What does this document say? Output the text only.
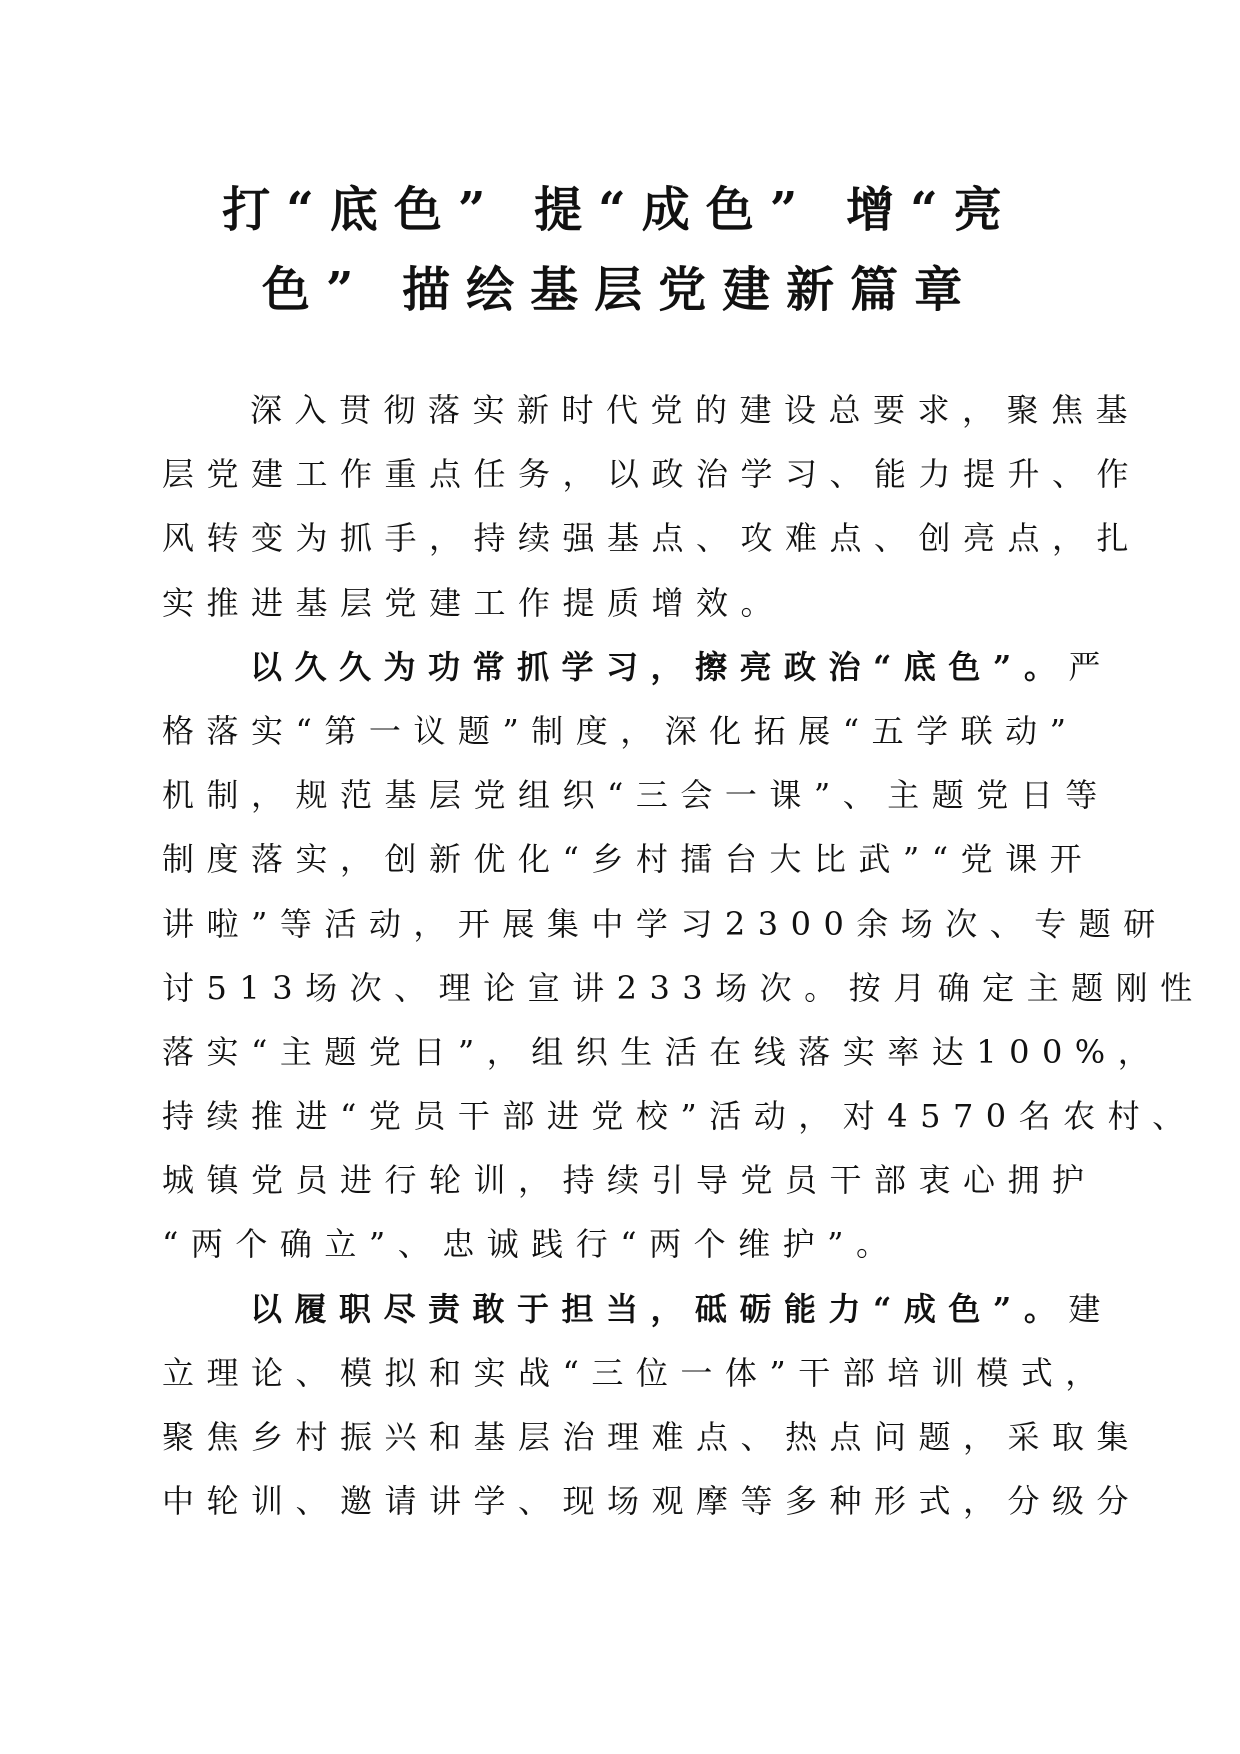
打“底色” 提“成色” 增“亮
色” 描绘基层党建新篇章
深入贯彻落实新时代党的建设总要求，聚焦基
层党建工作重点任务，以政治学习、能力提升、作
风转变为抓手，持续强基点、攻难点、创亮点，扎
实推进基层党建工作提质增效。
以久久为功常抓学习，擦亮政治“底色”。严
格落实“第一议题”制度，深化拓展“五学联动”
机制，规范基层党组织“三会一课”、主题党日等
制度落实，创新优化“乡村擂台大比武”“党课开
讲啦”等活动，开展集中学习2300余场次、专题研
讨513场次、理论宣讲233场次。按月确定主题刚性
落实“主题党日”，组织生活在线落实率达100%，
持续推进“党员干部进党校”活动，对4570名农村、
城镇党员进行轮训，持续引导党员干部衷心拥护
“两个确立”、忠诚践行“两个维护”。
以履职尽责敢于担当，砥砺能力“成色”。建
立理论、模拟和实战“三位一体”干部培训模式，
聚焦乡村振兴和基层治理难点、热点问题，采取集
中轮训、邀请讲学、现场观摩等多种形式，分级分
